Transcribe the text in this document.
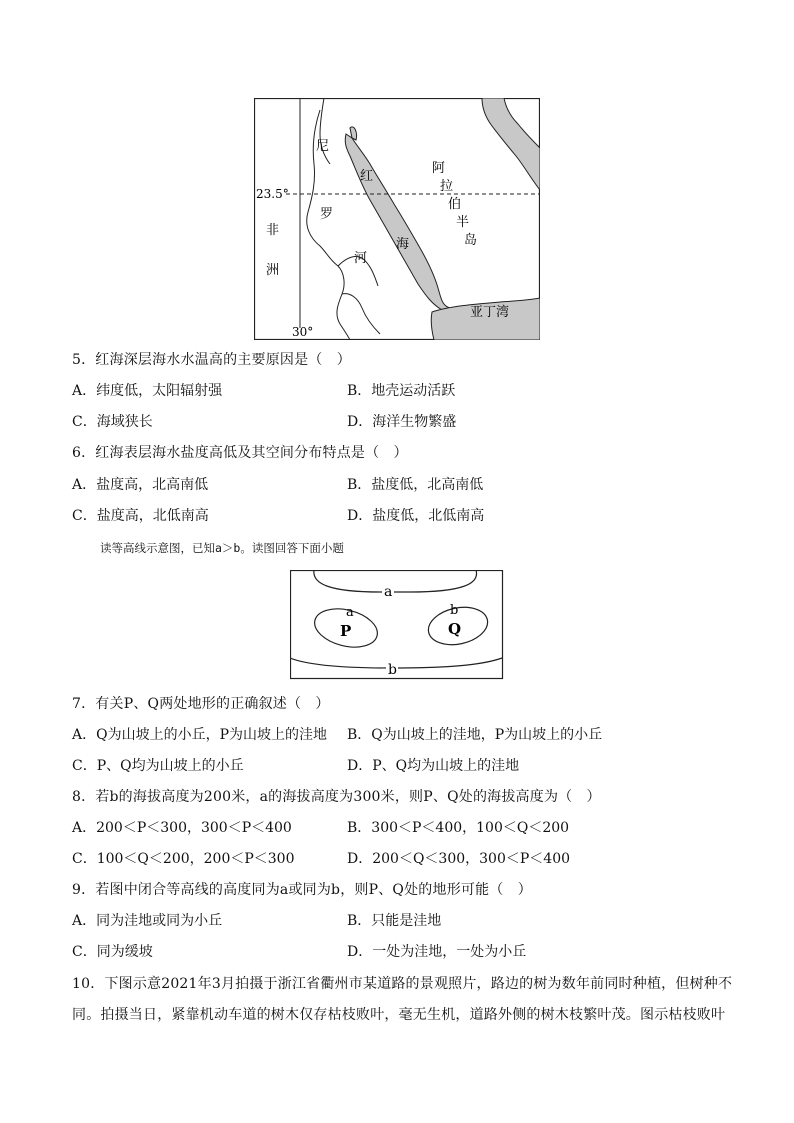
23.5°
30°
非
洲
尼
罗
河
红
海
阿
拉
伯
半
岛
亚丁湾
5．红海深层海水水温高的主要原因是（　）
A．纬度低，太阳辐射强	B．地壳运动活跃
C．海域狭长	D．海洋生物繁盛
6．红海表层海水盐度高低及其空间分布特点是（　）
A．盐度高，北高南低	B．盐度低，北高南低
C．盐度高，北低南高	D．盐度低，北低南高
读等高线示意图，已知a＞b。读图回答下面小题
a
b
a	b
P	Q
7．有关P、Q两处地形的正确叙述（　）
A．Q为山坡上的小丘，P为山坡上的洼地 B．Q为山坡上的洼地，P为山坡上的小丘
C．P、Q均为山坡上的小丘	D．P、Q均为山坡上的洼地
8．若b的海拔高度为200米，a的海拔高度为300米，则P、Q处的海拔高度为（　）
A．200＜P＜300，300＜P＜400	B．300＜P＜400，100＜Q＜200
C．100＜Q＜200，200＜P＜300	D．200＜Q＜300，300＜P＜400
9．若图中闭合等高线的高度同为a或同为b，则P、Q处的地形可能（　）
A．同为洼地或同为小丘	B．只能是洼地
C．同为缓坡	D．一处为洼地，一处为小丘
10．下图示意2021年3月拍摄于浙江省衢州市某道路的景观照片，路边的树为数年前同时种植，但树种不
同。拍摄当日，紧靠机动车道的树木仅存枯枝败叶，毫无生机，道路外侧的树木枝繁叶茂。图示枯枝败叶
